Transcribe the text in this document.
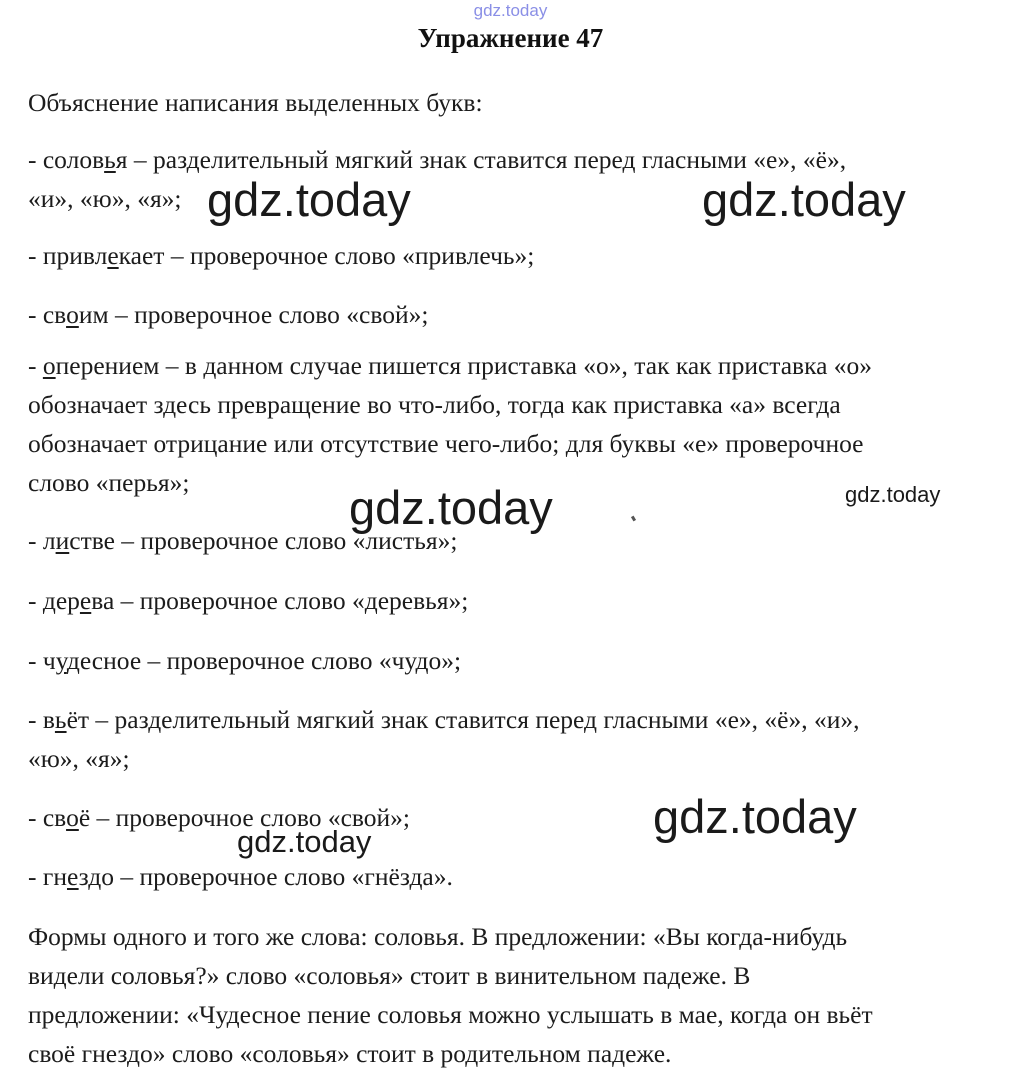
gdz.today
Упражнение 47

Объяснение написания выделенных букв:

- соловья – разделительный мягкий знак ставится перед гласными «е», «ё»,

«и», «ю», «я»;

- привлекает – проверочное слово «привлечь»;

- своим – проверочное слово «свой»;

- оперением – в данном случае пишется приставка «о», так как приставка «о»

обозначает здесь превращение во что-либо, тогда как приставка «а» всегда

обозначает отрицание или отсутствие чего-либо; для буквы «е» проверочное

слово «перья»;

- листве – проверочное слово «листья»;

- дерева – проверочное слово «деревья»;

- чудесное – проверочное слово «чудо»;

- вьёт – разделительный мягкий знак ставится перед гласными «е», «ё», «и»,

«ю», «я»;

- своё – проверочное слово «свой»;

- гнездо – проверочное слово «гнёзда».

Формы одного и того же слова: соловья. В предложении: «Вы когда-нибудь

видели соловья?» слово «соловья» стоит в винительном падеже. В

предложении: «Чудесное пение соловья можно услышать в мае, когда он вьёт

своё гнездо» слово «соловья» стоит в родительном падеже.

gdz.today	gdz.today
gdz.today	gdz.today
gdz.today
gdz.today
